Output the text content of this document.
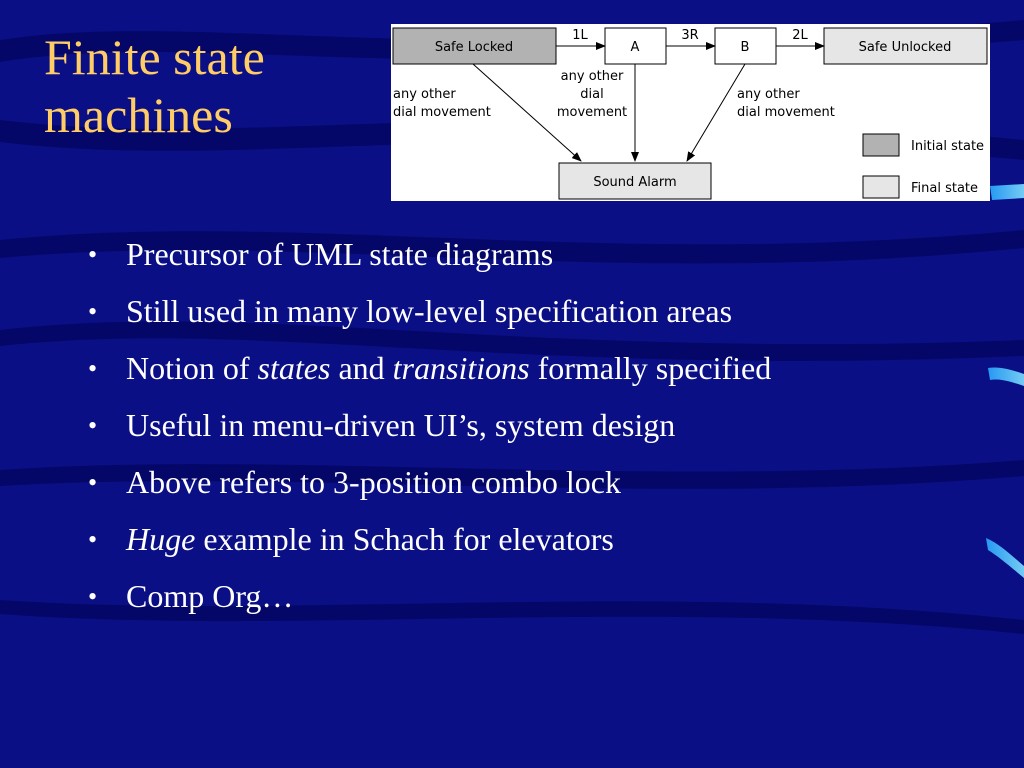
Finite state machines
Safe Locked	A	B	Safe Unlocked
Sound Alarm
1L	3R	2L
any other
dial movement
any other
dial
movement
any other
dial movement
Initial state
Final state
• Precursor of UML state diagrams
• Still used in many low-level specification areas
• Notion of states and transitions formally specified
• Useful in menu-driven UI’s, system design
• Above refers to 3-position combo lock
• Huge example in Schach for elevators
• Comp Org…
